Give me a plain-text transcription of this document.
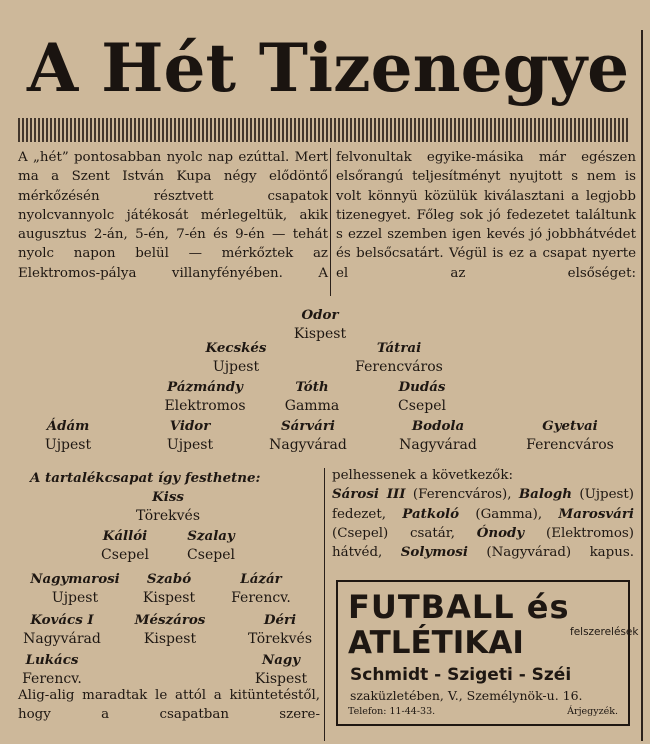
A Hét Tizenegye

A „hét” pontosabban nyolc nap ezúttal. Mert ma a Szent István Kupa négy elődöntő mérkőzésén résztvett csapatok nyolcvannyolc játékosát mérlegeltük, akik augusztus 2-án, 5-én, 7-én és 9-én — tehát nyolc napon belül — mérkőztek az Elektromos-pálya villanyfényében. A

felvonultak egyike-másika már egészen elsőrangú teljesítményt nyujtott s nem is volt könnyü közülük kiválasztani a legjobb tizenegyet. Főleg sok jó fedezetet találtunk s ezzel szemben igen kevés jó jobbhátvédet és belsőcsatárt. Végül is ez a csapat nyerte el az elsőséget:

Odor
Kispest
Kecskés
Ujpest
Tátrai
Ferencváros
Pázmándy
Elektromos
Tóth
Gamma
Dudás
Csepel
Ádám
Ujpest
Vidor
Ujpest
Sárvári
Nagyvárad
Bodola
Nagyvárad
Gyetvai
Ferencváros
A tartalékcsapat így festhetne:
Kiss
Törekvés
Kállói
Csepel
Szalay
Csepel
Nagymarosi
Ujpest
Szabó
Kispest
Lázár
Ferencv.
Kovács I
Nagyvárad
Mészáros
Kispest
Déri
Törekvés
Lukács
Ferencv.
Nagy
Kispest

Alig-alig maradtak le attól a kitüntetéstől, hogy a csapatban szere-

pelhessenek a következők:
Sárosi III (Ferencváros), Balogh (Ujpest) fedezet, Patkoló (Gamma), Marosvári (Csepel) csatár, Ónody (Elektromos) hátvéd, Solymosi (Nagyvárad) kapus.

FUTBALL és
ATLÉTIKAI	felszerelések
Schmidt - Szigeti - Széi
szaküzletében, V., Személynök-u. 16.
Telefon: 11-44-33.	Árjegyzék.
